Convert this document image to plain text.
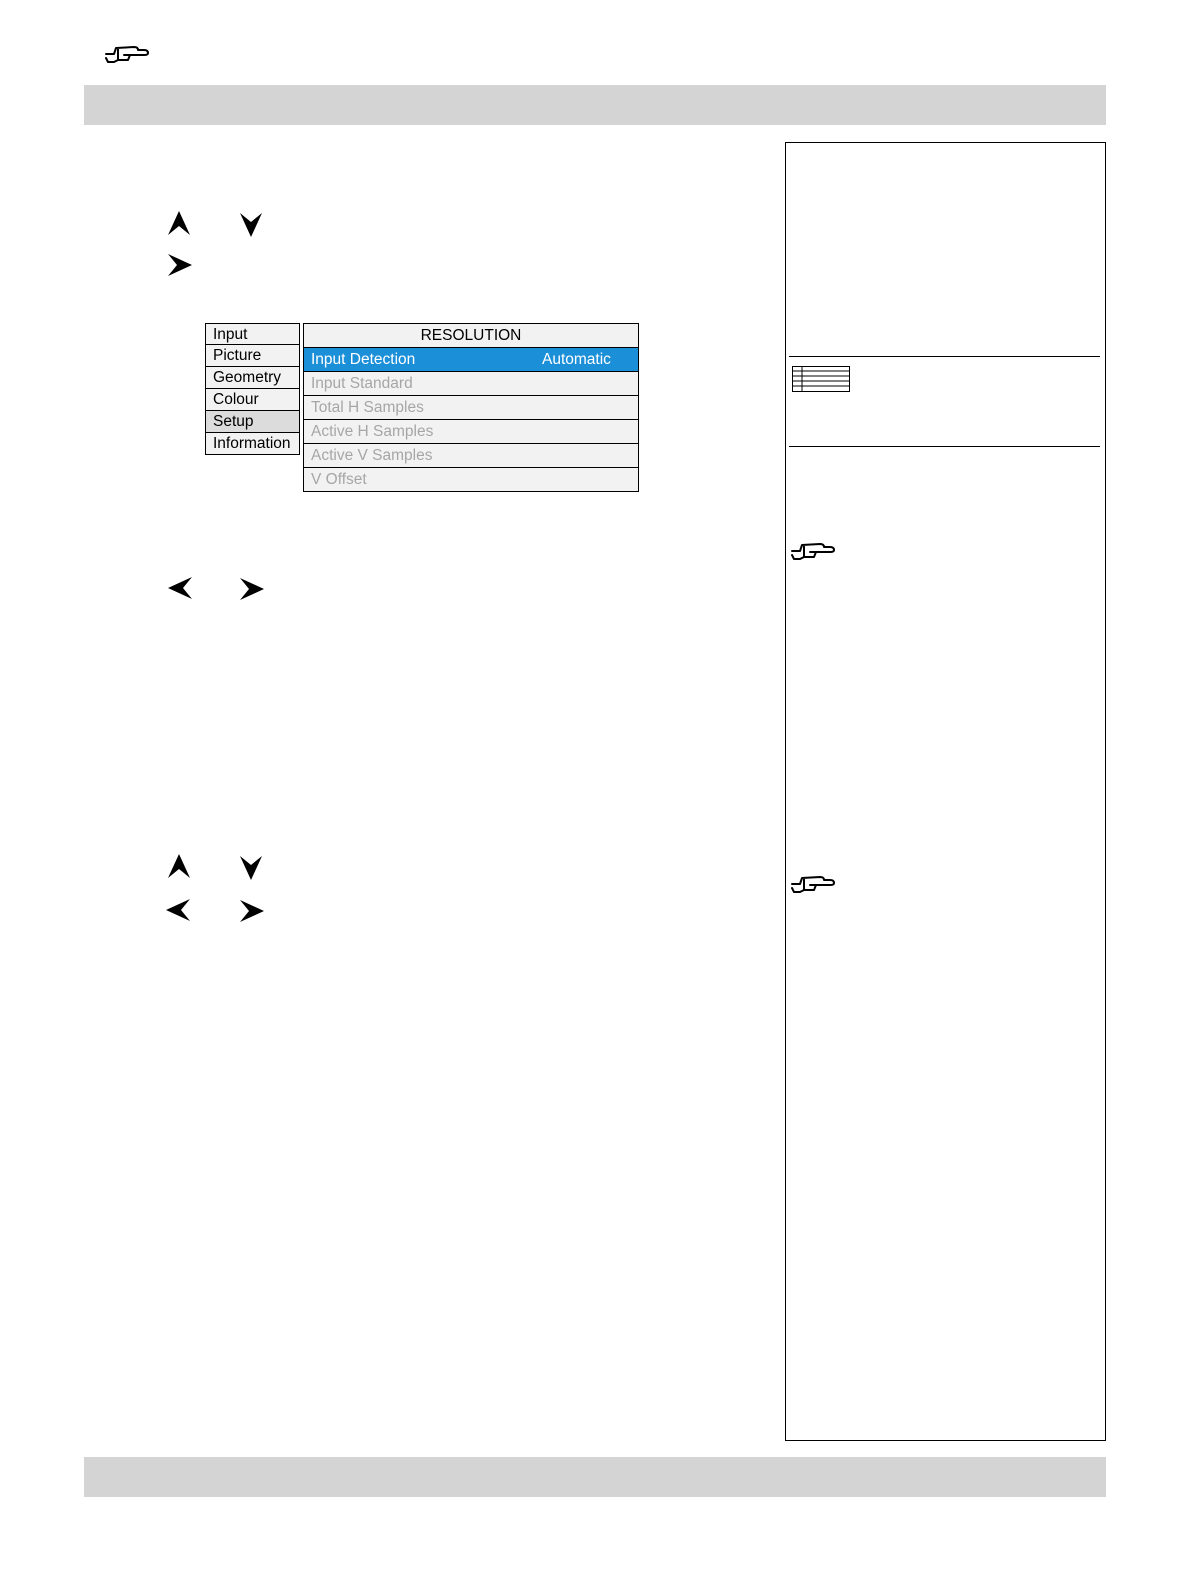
Input
Picture
Geometry
Colour
Setup
Information
RESOLUTION
Input Detection	Automatic
Input Standard
Total H Samples
Active H Samples
Active V Samples
V Offset
